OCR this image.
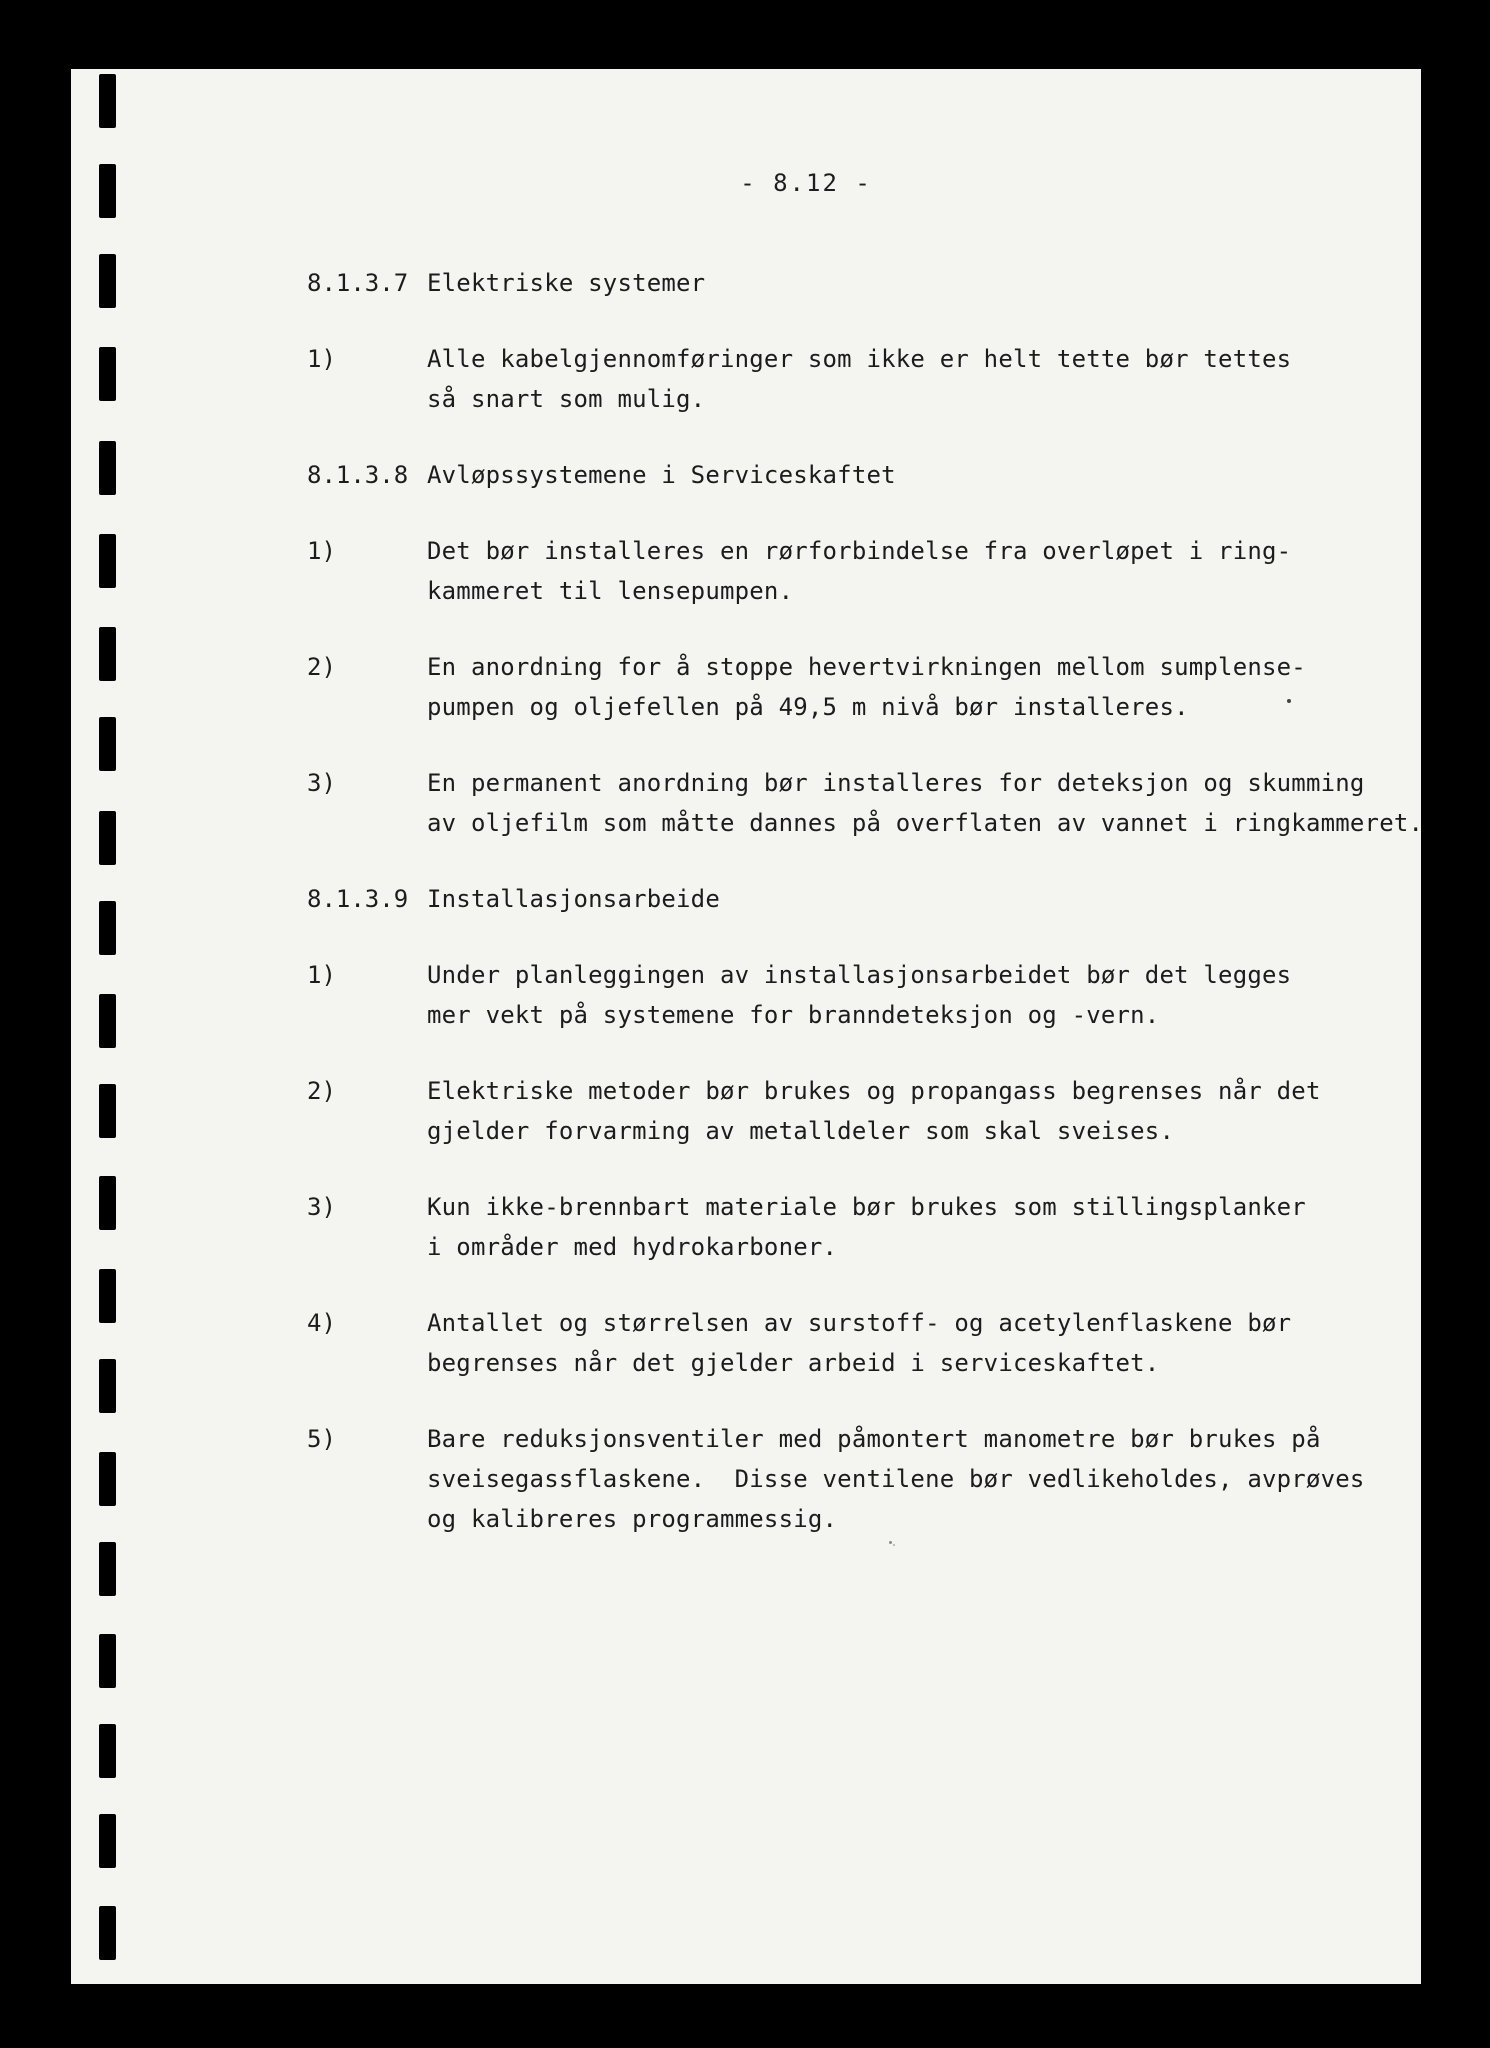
- 8.12 -
8.1.3.7 Elektriske systemer
1)	Alle kabelgjennomføringer som ikke er helt tette bør tettes
så snart som mulig.
8.1.3.8 Avløpssystemene i Serviceskaftet
1)	Det bør installeres en rørforbindelse fra overløpet i ring-
kammeret til lensepumpen.
2)	En anordning for å stoppe hevertvirkningen mellom sumplense-
pumpen og oljefellen på 49,5 m nivå bør installeres.
3)	En permanent anordning bør installeres for deteksjon og skumming
av oljefilm som måtte dannes på overflaten av vannet i ringkammeret.
8.1.3.9 Installasjonsarbeide
1)	Under planleggingen av installasjonsarbeidet bør det legges
mer vekt på systemene for branndeteksjon og -vern.
2)	Elektriske metoder bør brukes og propangass begrenses når det
gjelder forvarming av metalldeler som skal sveises.
3)	Kun ikke-brennbart materiale bør brukes som stillingsplanker
i områder med hydrokarboner.
4)	Antallet og størrelsen av surstoff- og acetylenflaskene bør
begrenses når det gjelder arbeid i serviceskaftet.
5)	Bare reduksjonsventiler med påmontert manometre bør brukes på
sveisegassflaskene.  Disse ventilene bør vedlikeholdes, avprøves
og kalibreres programmessig.
